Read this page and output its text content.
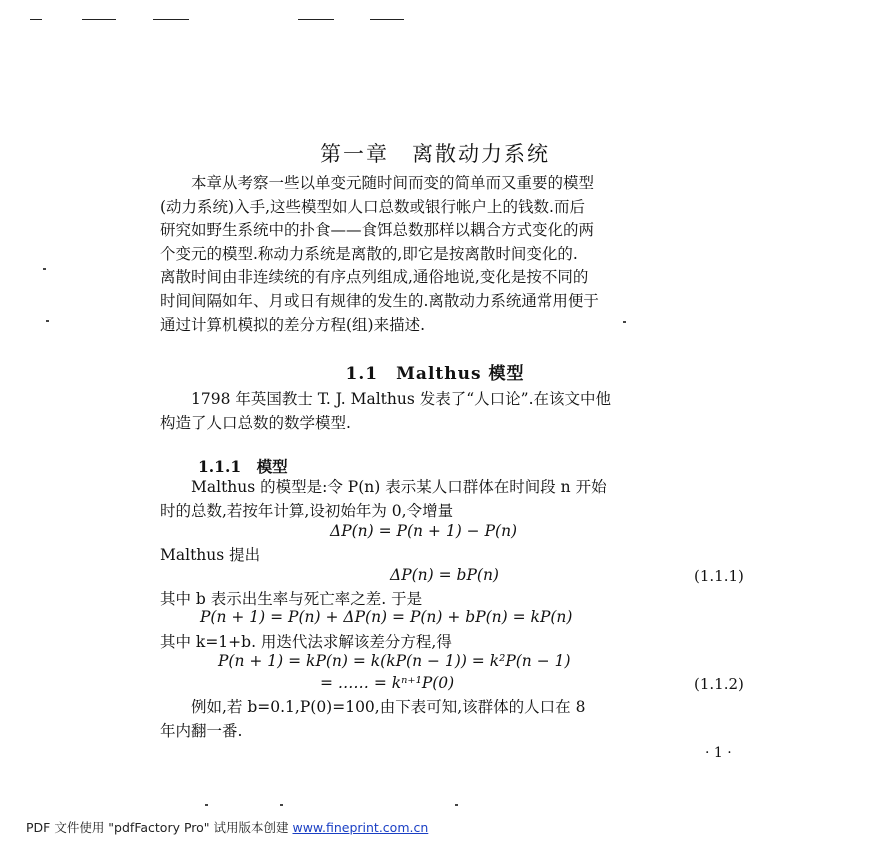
第一章　离散动力系统
本章从考察一些以单变元随时间而变的简单而又重要的模型
(动力系统)入手,这些模型如人口总数或银行帐户上的钱数.而后
研究如野生系统中的扑食——食饵总数那样以耦合方式变化的两
个变元的模型.称动力系统是离散的,即它是按离散时间变化的.
离散时间由非连续统的有序点列组成,通俗地说,变化是按不同的
时间间隔如年、月或日有规律的发生的.离散动力系统通常用便于
通过计算机模拟的差分方程(组)来描述.
1.1　Malthus 模型
1798 年英国教士 T. J. Malthus 发表了“人口论”.在该文中他
构造了人口总数的数学模型.
1.1.1　模型
Malthus 的模型是:令 P(n) 表示某人口群体在时间段 n 开始
时的总数,若按年计算,设初始年为 0,令增量
ΔP(n) = P(n + 1) − P(n)
Malthus 提出
ΔP(n) = bP(n)	(1.1.1)
其中 b 表示出生率与死亡率之差. 于是
P(n + 1) = P(n) + ΔP(n) = P(n) + bP(n) = kP(n)
其中 k=1+b. 用迭代法求解该差分方程,得
P(n + 1) = kP(n) = k(kP(n − 1)) = k²P(n − 1)
= …… = kⁿ⁺¹P(0)	(1.1.2)
例如,若 b=0.1,P(0)=100,由下表可知,该群体的人口在 8
年内翻一番.
· 1 ·
PDF 文件使用 "pdfFactory Pro" 试用版本创建 www.fineprint.com.cn
